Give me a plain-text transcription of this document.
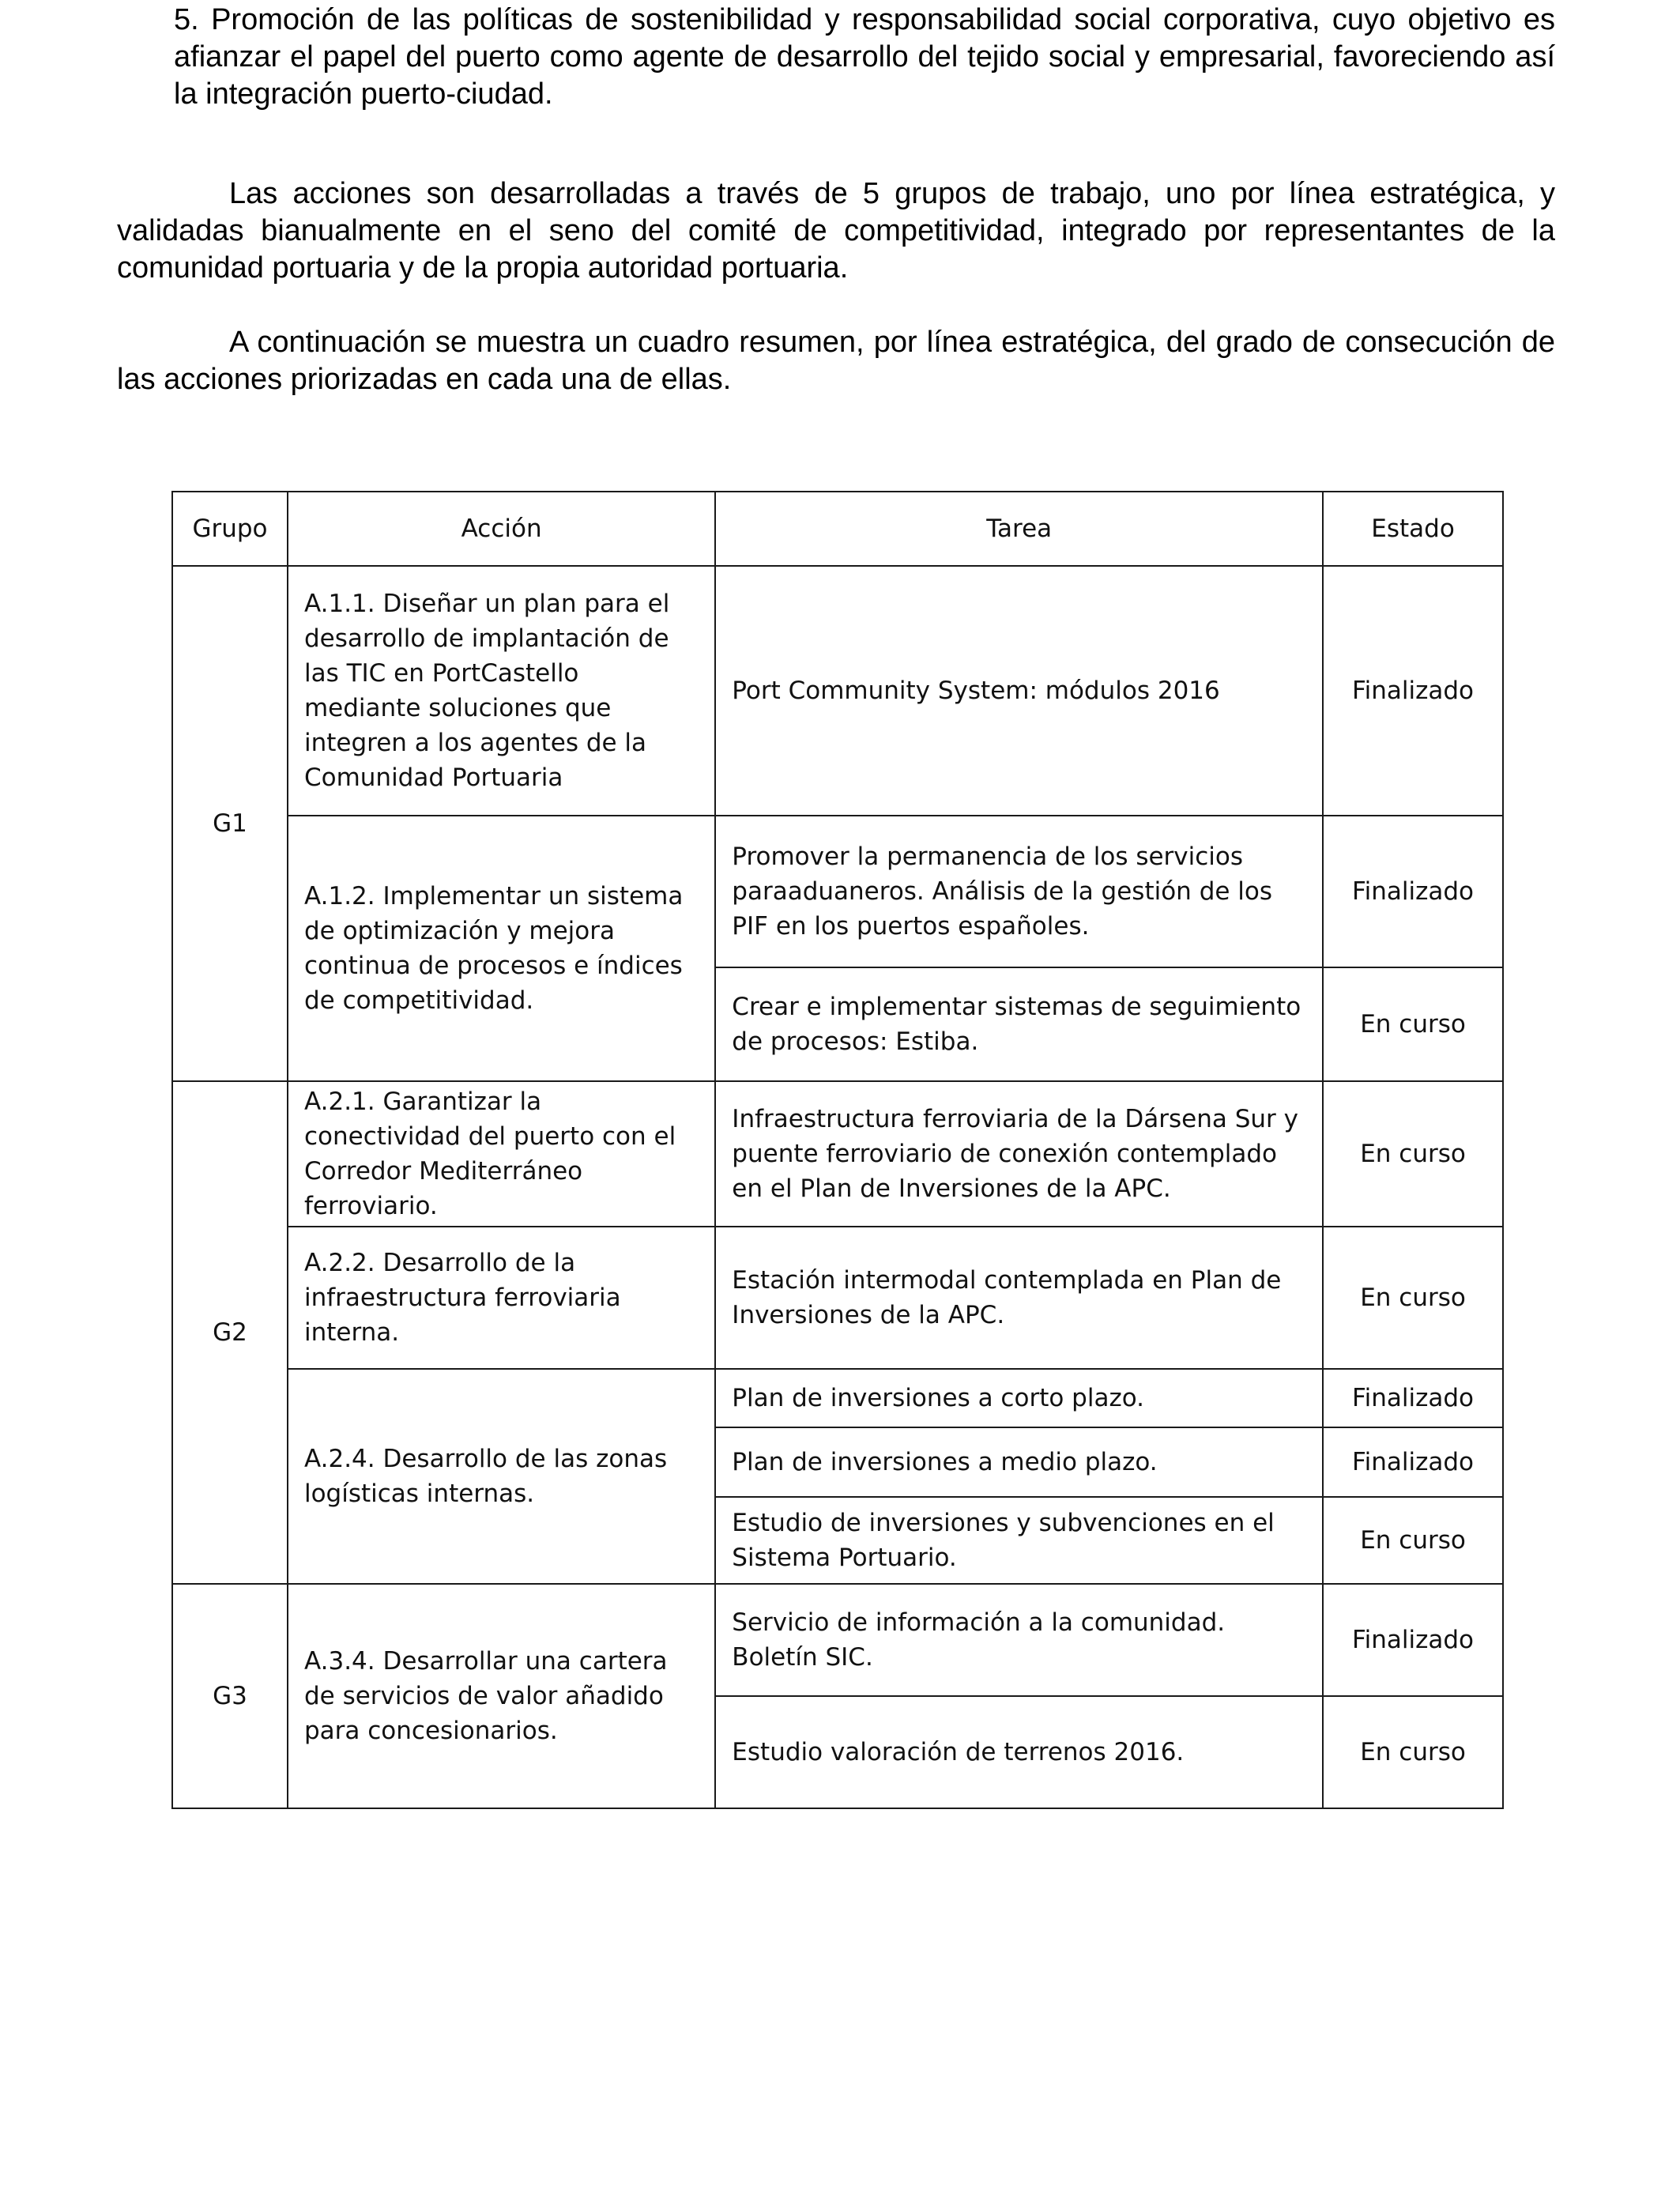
5. Promoción de las políticas de sostenibilidad y responsabilidad social corporativa, cuyo objetivo es afianzar el papel del puerto como agente de desarrollo del tejido social y empresarial, favoreciendo así la integración puerto-ciudad.

Las acciones son desarrolladas a través de 5 grupos de trabajo, uno por línea estratégica, y validadas bianualmente en el seno del comité de competitividad, integrado por representantes de la comunidad portuaria y de la propia autoridad portuaria.

A continuación se muestra un cuadro resumen, por línea estratégica, del grado de consecución de las acciones priorizadas en cada una de ellas.

Grupo	Acción	Tarea	Estado
G1	A.1.1. Diseñar un plan para el desarrollo de implantación de las TIC en PortCastello mediante soluciones que integren a los agentes de la Comunidad Portuaria	Port Community System: módulos 2016	Finalizado
	A.1.2. Implementar un sistema de optimización y mejora continua de procesos e índices de competitividad.	Promover la permanencia de los servicios paraaduaneros. Análisis de la gestión de los PIF en los puertos españoles.	Finalizado
		Crear e implementar sistemas de seguimiento de procesos: Estiba.	En curso
G2	A.2.1. Garantizar la conectividad del puerto con el Corredor Mediterráneo ferroviario.	Infraestructura ferroviaria de la Dársena Sur y puente ferroviario de conexión contemplado en el Plan de Inversiones de la APC.	En curso
	A.2.2. Desarrollo de la infraestructura ferroviaria interna.	Estación intermodal contemplada en Plan de Inversiones de la APC.	En curso
	A.2.4. Desarrollo de las zonas logísticas internas.	Plan de inversiones a corto plazo.	Finalizado
		Plan de inversiones a medio plazo.	Finalizado
		Estudio de inversiones y subvenciones en el Sistema Portuario.	En curso
G3	A.3.4. Desarrollar una cartera de servicios de valor añadido para concesionarios.	Servicio de información a la comunidad. Boletín SIC.	Finalizado
		Estudio valoración de terrenos 2016.	En curso
